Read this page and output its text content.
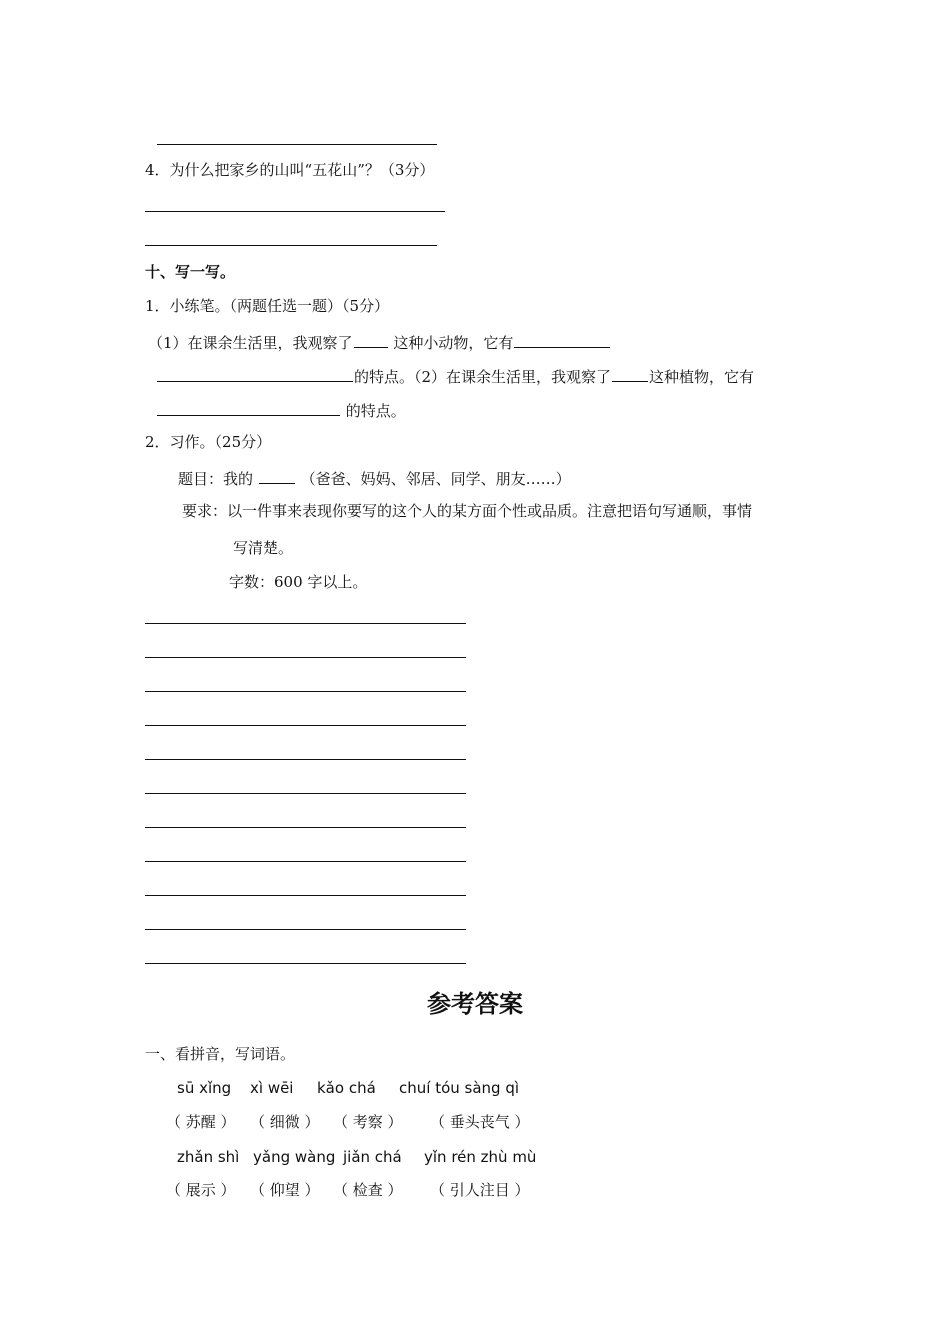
4．为什么把家乡的山叫“五花山”？（3分）
十、写一写。
1．小练笔。（两题任选一题）（5分）
（1）在课余生活里，我观察了	这种小动物，它有
的特点。（2）在课余生活里，我观察了	这种植物，它有
的特点。
2．习作。（25分）
题目：我的	（爸爸、妈妈、邻居、同学、朋友……）
要求：以一件事来表现你要写的这个人的某方面个性或品质。注意把语句写通顺，事情
写清楚。
字数：600 字以上。
参考答案
一、看拼音，写词语。
sū xǐng xì wēi kǎo chá chuí tóu sàng qì
（ 苏醒 ） （ 细微 ） （ 考察 ） （ 垂头丧气 ）
zhǎn shì yǎng wàng jiǎn chá yǐn rén zhù mù
（ 展示 ） （ 仰望 ） （ 检查 ） （ 引人注目 ）
